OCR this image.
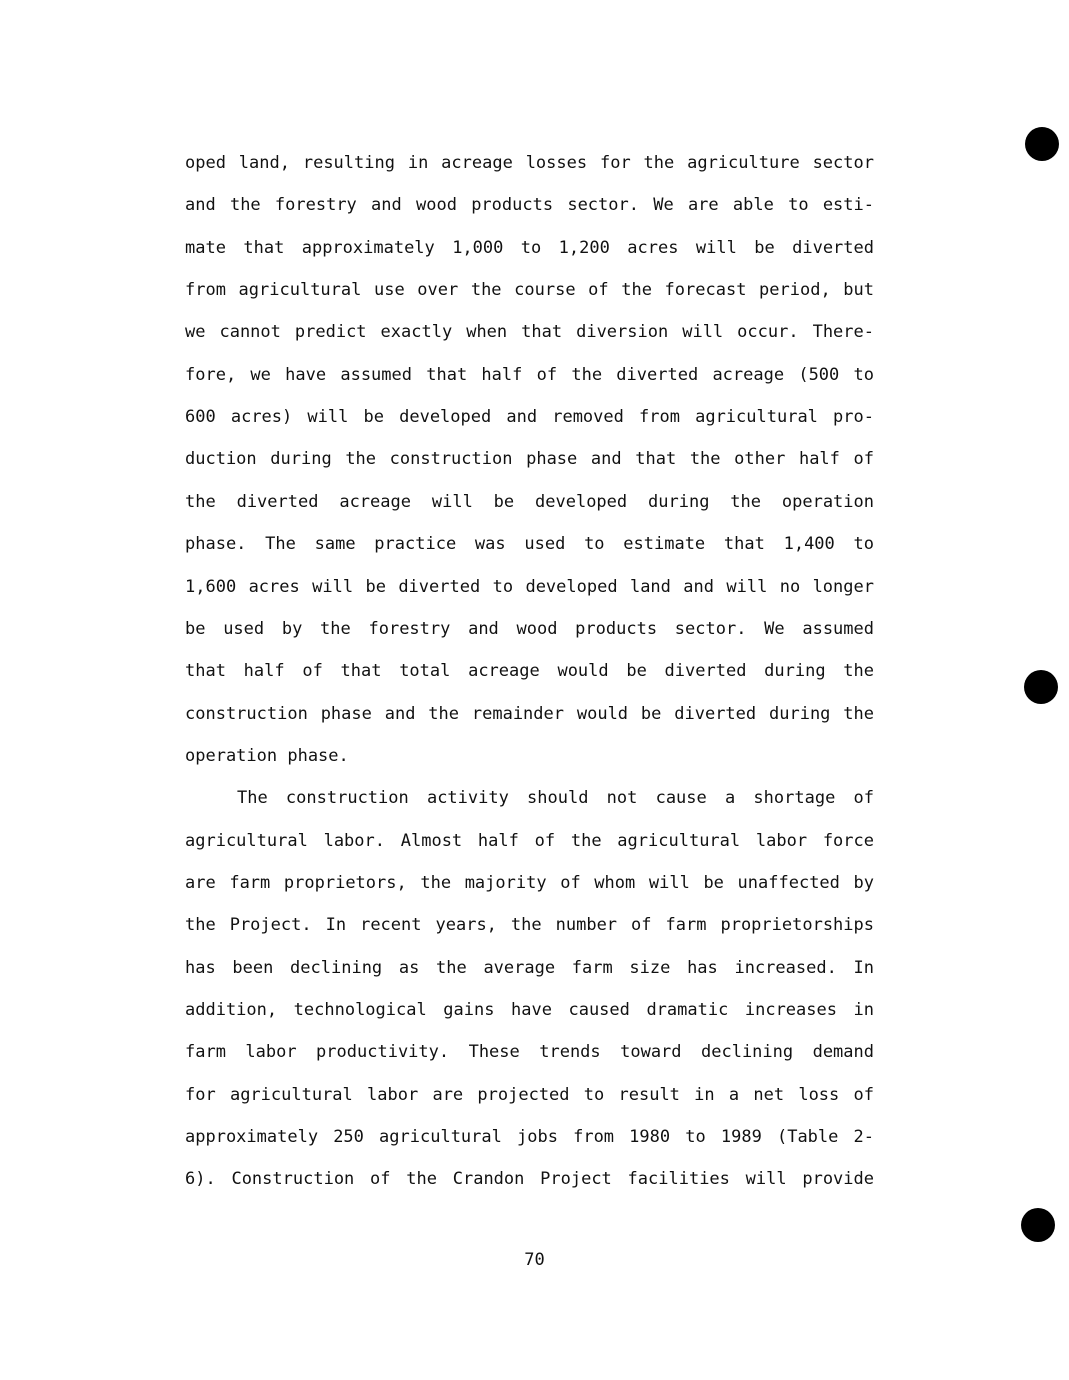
oped land, resulting in acreage losses for the agriculture sector
and the forestry and wood products sector. We are able to esti-
mate that approximately 1,000 to 1,200 acres will be diverted
from agricultural use over the course of the forecast period, but
we cannot predict exactly when that diversion will occur. There-
fore, we have assumed that half of the diverted acreage (500 to
600 acres) will be developed and removed from agricultural pro-
duction during the construction phase and that the other half of
the diverted acreage will be developed during the operation
phase. The same practice was used to estimate that 1,400 to
1,600 acres will be diverted to developed land and will no longer
be used by the forestry and wood products sector. We assumed
that half of that total acreage would be diverted during the
construction phase and the remainder would be diverted during the
operation phase.
The construction activity should not cause a shortage of
agricultural labor. Almost half of the agricultural labor force
are farm proprietors, the majority of whom will be unaffected by
the Project. In recent years, the number of farm proprietorships
has been declining as the average farm size has increased. In
addition, technological gains have caused dramatic increases in
farm labor productivity. These trends toward declining demand
for agricultural labor are projected to result in a net loss of
approximately 250 agricultural jobs from 1980 to 1989 (Table 2-
6). Construction of the Crandon Project facilities will provide
70
